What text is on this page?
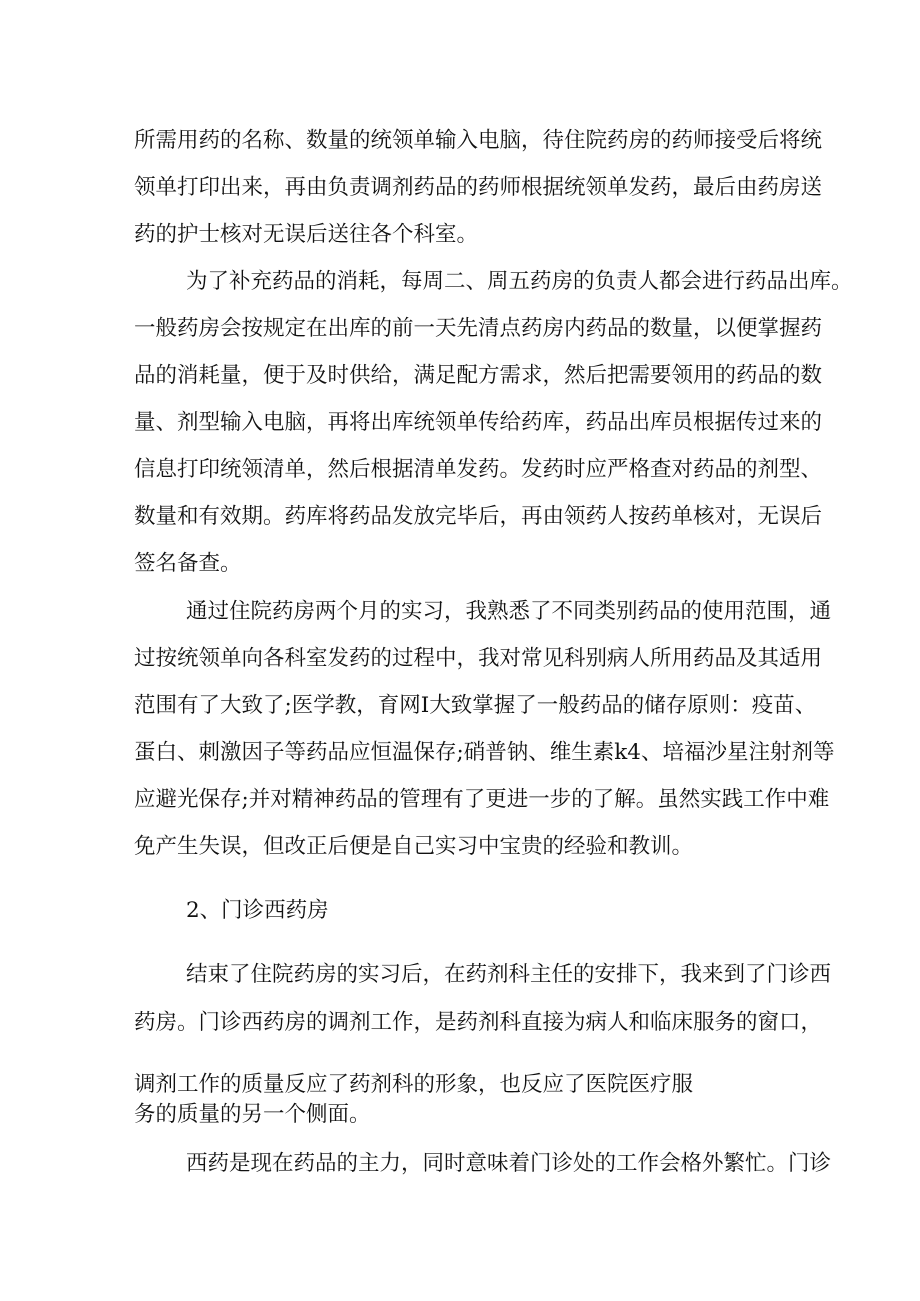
所需用药的名称、数量的统领单输入电脑，待住院药房的药师接受后将统
领单打印出来，再由负责调剂药品的药师根据统领单发药，最后由药房送
药的护士核对无误后送往各个科室。
为了补充药品的消耗，每周二、周五药房的负责人都会进行药品出库。
一般药房会按规定在出库的前一天先清点药房内药品的数量，以便掌握药
品的消耗量，便于及时供给，满足配方需求，然后把需要领用的药品的数
量、剂型输入电脑，再将出库统领单传给药库，药品出库员根据传过来的
信息打印统领清单，然后根据清单发药。发药时应严格查对药品的剂型、
数量和有效期。药库将药品发放完毕后，再由领药人按药单核对，无误后
签名备查。
通过住院药房两个月的实习，我熟悉了不同类别药品的使用范围，通
过按统领单向各科室发药的过程中，我对常见科别病人所用药品及其适用
范围有了大致了;医学教，育网I大致掌握了一般药品的储存原则：疫苗、
蛋白、刺激因子等药品应恒温保存;硝普钠、维生素k4、培福沙星注射剂等
应避光保存;并对精神药品的管理有了更进一步的了解。虽然实践工作中难
免产生失误，但改正后便是自己实习中宝贵的经验和教训。
2、门诊西药房
结束了住院药房的实习后，在药剂科主任的安排下，我来到了门诊西
药房。门诊西药房的调剂工作，是药剂科直接为病人和临床服务的窗口，
调剂工作的质量反应了药剂科的形象，也反应了医院医疗服
务的质量的另一个侧面。
西药是现在药品的主力，同时意味着门诊处的工作会格外繁忙。门诊
